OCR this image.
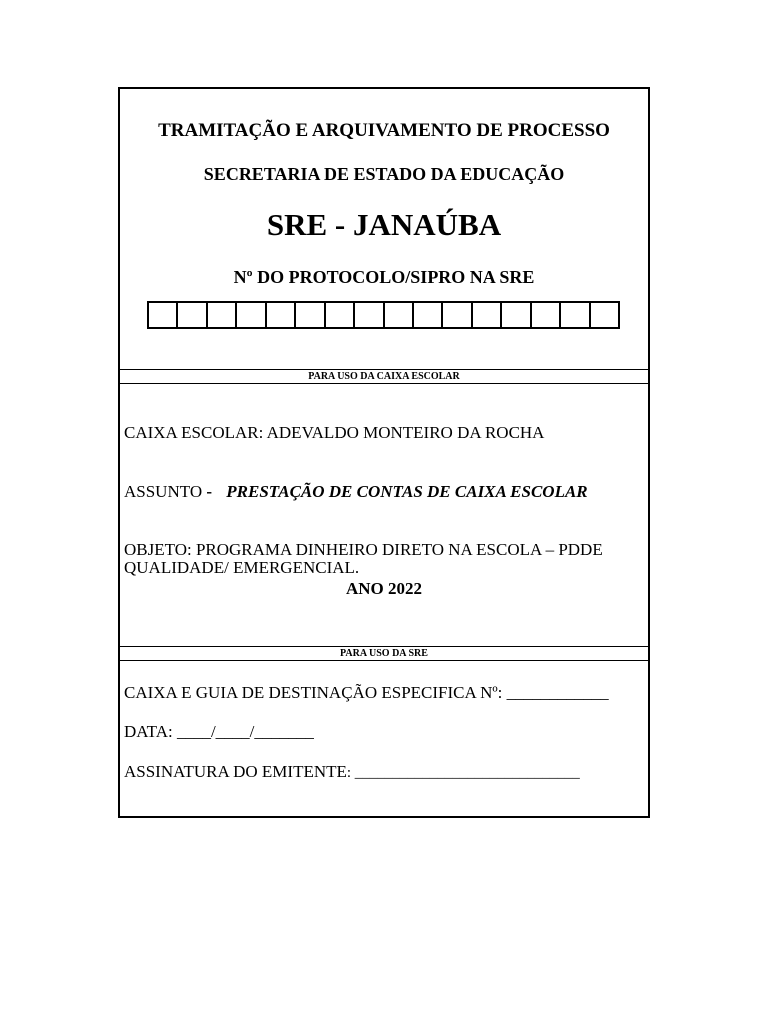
TRAMITAÇÃO E ARQUIVAMENTO DE PROCESSO
SECRETARIA DE ESTADO DA EDUCAÇÃO
SRE - JANAÚBA
Nº DO PROTOCOLO/SIPRO NA SRE
PARA USO DA CAIXA ESCOLAR
CAIXA ESCOLAR: ADEVALDO MONTEIRO DA ROCHA
ASSUNTO - PRESTAÇÃO DE CONTAS DE CAIXA ESCOLAR
OBJETO: PROGRAMA DINHEIRO DIRETO NA ESCOLA – PDDE QUALIDADE/ EMERGENCIAL.
ANO 2022
PARA USO DA SRE
CAIXA E GUIA DE DESTINAÇÃO ESPECIFICA Nº: ____________
DATA: ____/____/_______
ASSINATURA DO EMITENTE: ______________________________
